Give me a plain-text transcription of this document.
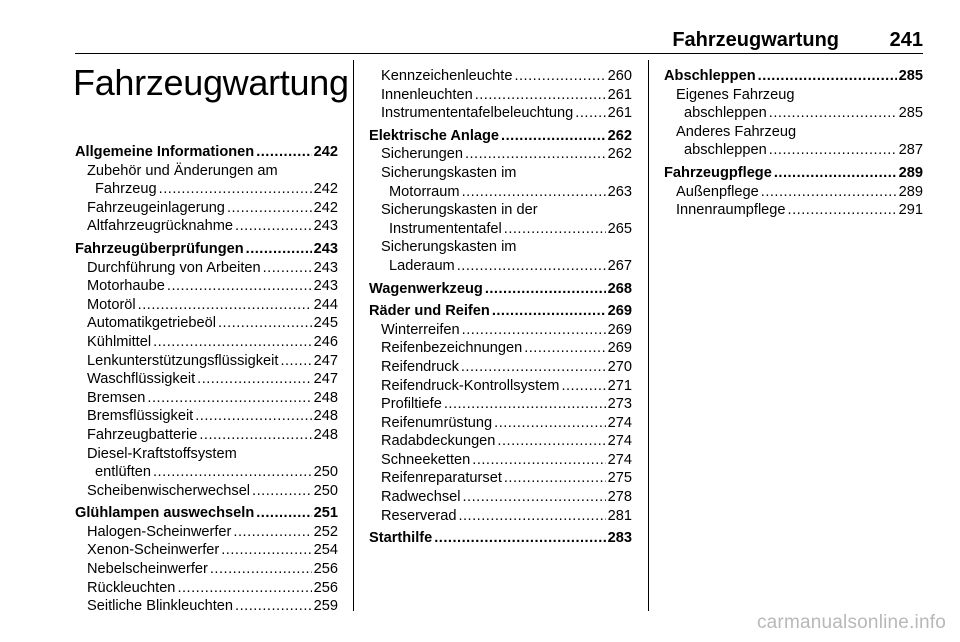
Fahrzeugwartung	241
Fahrzeugwartung
Allgemeine Informationen .....	242
Zubehör und Änderungen am
Fahrzeug .....	242
Fahrzeugeinlagerung .....	242
Altfahrzeugrücknahme .....	243
Fahrzeugüberprüfungen .....	243
Durchführung von Arbeiten .....	243
Motorhaube .....	243
Motoröl .....	244
Automatikgetriebeöl .....	245
Kühlmittel .....	246
Lenkunterstützungsflüssigkeit ..... 247
Waschflüssigkeit .....	247
Bremsen .....	248
Bremsflüssigkeit .....	248
Fahrzeugbatterie .....	248
Diesel-Kraftstoffsystem
entlüften .....	250
Scheibenwischerwechsel .....	250
Glühlampen auswechseln .....	251
Halogen-Scheinwerfer .....	252
Xenon-Scheinwerfer .....	254
Nebelscheinwerfer .....	256
Rückleuchten .....	256
Seitliche Blinkleuchten .....	259
Kennzeichenleuchte .....	260
Innenleuchten .....	261
Instrumententafelbeleuchtung ..... 261
Elektrische Anlage .....	262
Sicherungen .....	262
Sicherungskasten im
Motorraum .....	263
Sicherungskasten in der
Instrumententafel .....	265
Sicherungskasten im
Laderaum .....	267
Wagenwerkzeug .....	268
Räder und Reifen .....	269
Winterreifen .....	269
Reifenbezeichnungen .....	269
Reifendruck .....	270
Reifendruck-Kontrollsystem .....	271
Profiltiefe .....	273
Reifenumrüstung .....	274
Radabdeckungen .....	274
Schneeketten .....	274
Reifenreparaturset .....	275
Radwechsel .....	278
Reserverad .....	281
Starthilfe .....	283
Abschleppen .....	285
Eigenes Fahrzeug
abschleppen .....	285
Anderes Fahrzeug
abschleppen .....	287
Fahrzeugpflege .....	289
Außenpflege .....	289
Innenraumpflege .....	291
carmanualsonline.info
